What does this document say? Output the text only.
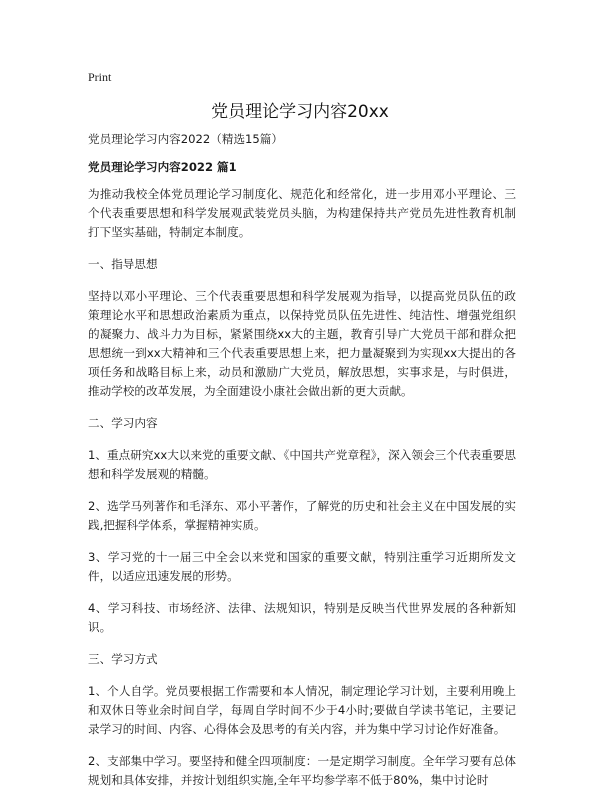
Print
党员理论学习内容20xx

党员理论学习内容2022（精选15篇）

党员理论学习内容2022 篇1

为推动我校全体党员理论学习制度化、规范化和经常化，进一步用邓小平理论、三个代表重要思想和科学发展观武装党员头脑，为构建保持共产党员先进性教育机制打下坚实基础，特制定本制度。

一、指导思想

坚持以邓小平理论、三个代表重要思想和科学发展观为指导，以提高党员队伍的政策理论水平和思想政治素质为重点，以保持党员队伍先进性、纯洁性、增强党组织的凝聚力、战斗力为目标，紧紧围绕xx大的主题，教育引导广大党员干部和群众把思想统一到xx大精神和三个代表重要思想上来，把力量凝聚到为实现xx大提出的各项任务和战略目标上来，动员和激励广大党员，解放思想，实事求是，与时俱进，推动学校的改革发展，为全面建设小康社会做出新的更大贡献。

二、学习内容

1、重点研究xx大以来党的重要文献、《中国共产党章程》，深入领会三个代表重要思想和科学发展观的精髓。

2、选学马列著作和毛泽东、邓小平著作，了解党的历史和社会主义在中国发展的实践,把握科学体系，掌握精神实质。

3、学习党的十一届三中全会以来党和国家的重要文献，特别注重学习近期所发文件，以适应迅速发展的形势。

4、学习科技、市场经济、法律、法规知识，特别是反映当代世界发展的各种新知识。

三、学习方式

1、个人自学。党员要根据工作需要和本人情况，制定理论学习计划，主要利用晚上和双休日等业余时间自学，每周自学时间不少于4小时;要做自学读书笔记，主要记录学习的时间、内容、心得体会及思考的有关内容，并为集中学习讨论作好准备。

2、支部集中学习。要坚持和健全四项制度：一是定期学习制度。全年学习要有总体规划和具体安排，并按计划组织实施,全年平均参学率不低于80%，集中讨论时
